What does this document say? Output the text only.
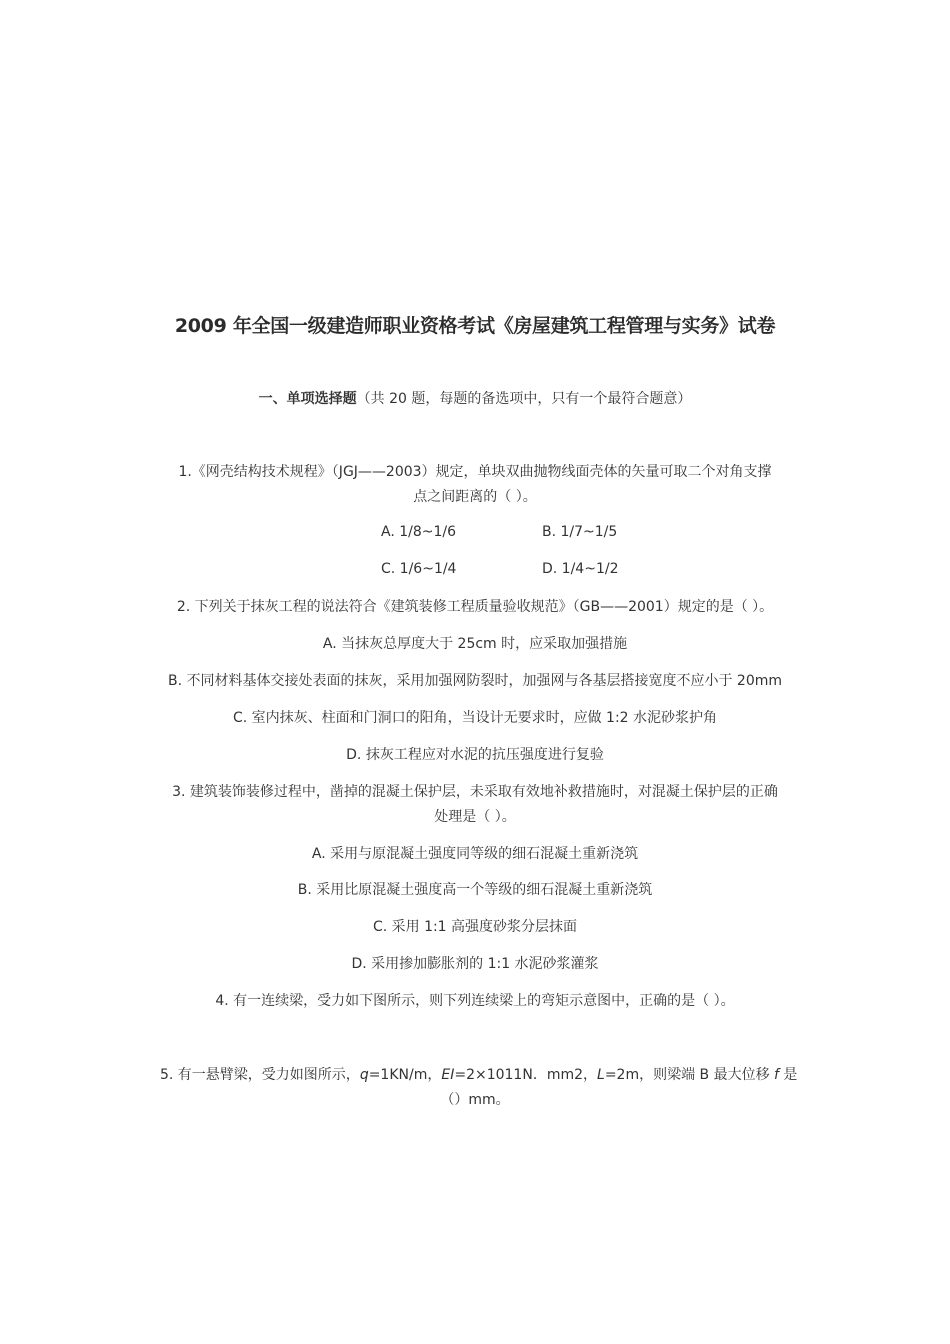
2009 年全国一级建造师职业资格考试《房屋建筑工程管理与实务》试卷
一、单项选择题（共 20 题，每题的备选项中，只有一个最符合题意）
1.《网壳结构技术规程》（JGJ——2003）规定，单块双曲抛物线面壳体的矢量可取二个对角支撑
点之间距离的（ ）。
A. 1/8~1/6	B. 1/7~1/5
C. 1/6~1/4	D. 1/4~1/2
2. 下列关于抹灰工程的说法符合《建筑装修工程质量验收规范》（GB——2001）规定的是（ ）。
A. 当抹灰总厚度大于 25cm 时，应采取加强措施
B. 不同材料基体交接处表面的抹灰，采用加强网防裂时，加强网与各基层搭接宽度不应小于 20mm
C. 室内抹灰、柱面和门洞口的阳角，当设计无要求时，应做 1:2 水泥砂浆护角
D. 抹灰工程应对水泥的抗压强度进行复验
3. 建筑装饰装修过程中，凿掉的混凝土保护层，未采取有效地补救措施时，对混凝土保护层的正确
处理是（ ）。
A. 采用与原混凝土强度同等级的细石混凝土重新浇筑
B. 采用比原混凝土强度高一个等级的细石混凝土重新浇筑
C. 采用 1:1 高强度砂浆分层抹面
D. 采用掺加膨胀剂的 1:1 水泥砂浆灌浆
4. 有一连续梁，受力如下图所示，则下列连续梁上的弯矩示意图中，正确的是（ ）。
5. 有一悬臂梁，受力如图所示，q=1KN/m，EI=2×1011N．mm2，L=2m，则梁端 B 最大位移 f 是
（）mm。
